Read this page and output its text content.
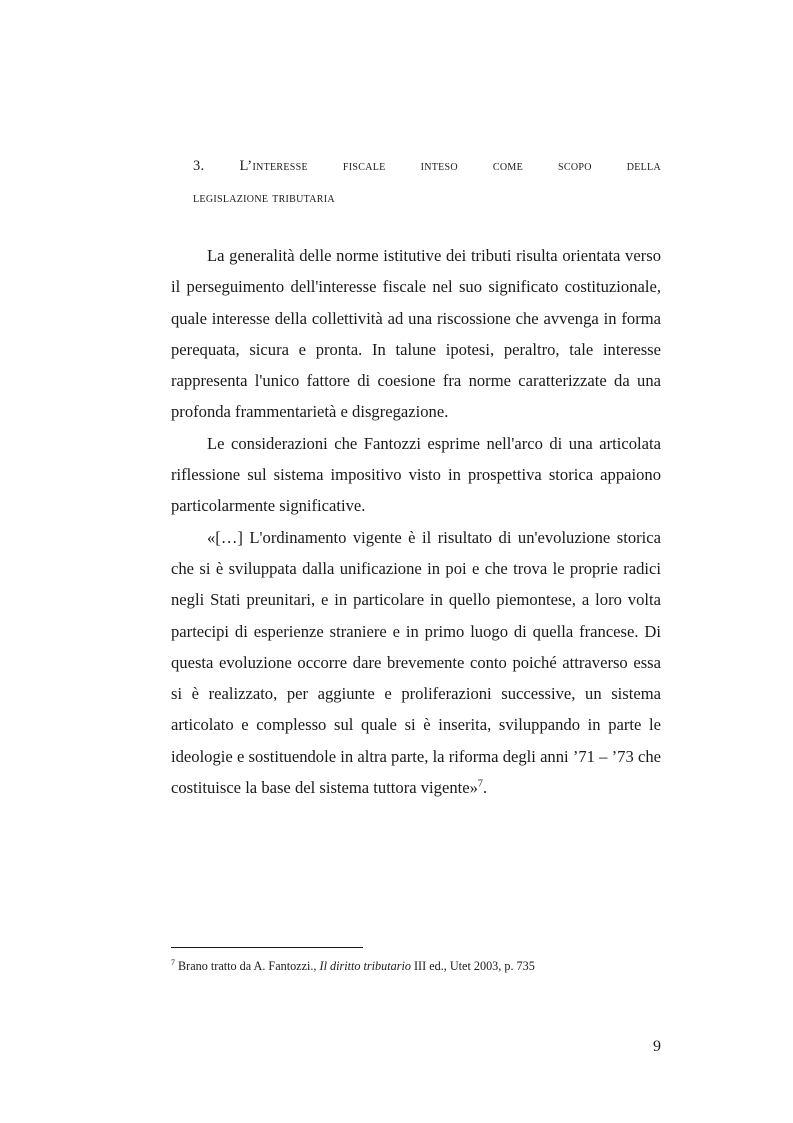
3. L’interesse fiscale inteso come scopo della
legislazione tributaria

La generalità delle norme istitutive dei tributi risulta orientata verso il perseguimento dell'interesse fiscale nel suo significato costituzionale, quale interesse della collettività ad una riscossione che avvenga in forma perequata, sicura e pronta. In talune ipotesi, peraltro, tale interesse rappresenta l'unico fattore di coesione fra norme caratterizzate da una profonda frammentarietà e disgregazione.

Le considerazioni che Fantozzi esprime nell'arco di una articolata riflessione sul sistema impositivo visto in prospettiva storica appaiono particolarmente significative.

«[…] L'ordinamento vigente è il risultato di un'evoluzione storica che si è sviluppata dalla unificazione in poi e che trova le proprie radici negli Stati preunitari, e in particolare in quello piemontese, a loro volta partecipi di esperienze straniere e in primo luogo di quella francese. Di questa evoluzione occorre dare brevemente conto poiché attraverso essa si è realizzato, per aggiunte e proliferazioni successive, un sistema articolato e complesso sul quale si è inserita, sviluppando in parte le ideologie e sostituendole in altra parte, la riforma degli anni ’71 – ’73 che costituisce la base del sistema tuttora vigente»$^7$.

$^7$ Brano tratto da A. Fantozzi., Il diritto tributario III ed., Utet 2003, p. 735
9
